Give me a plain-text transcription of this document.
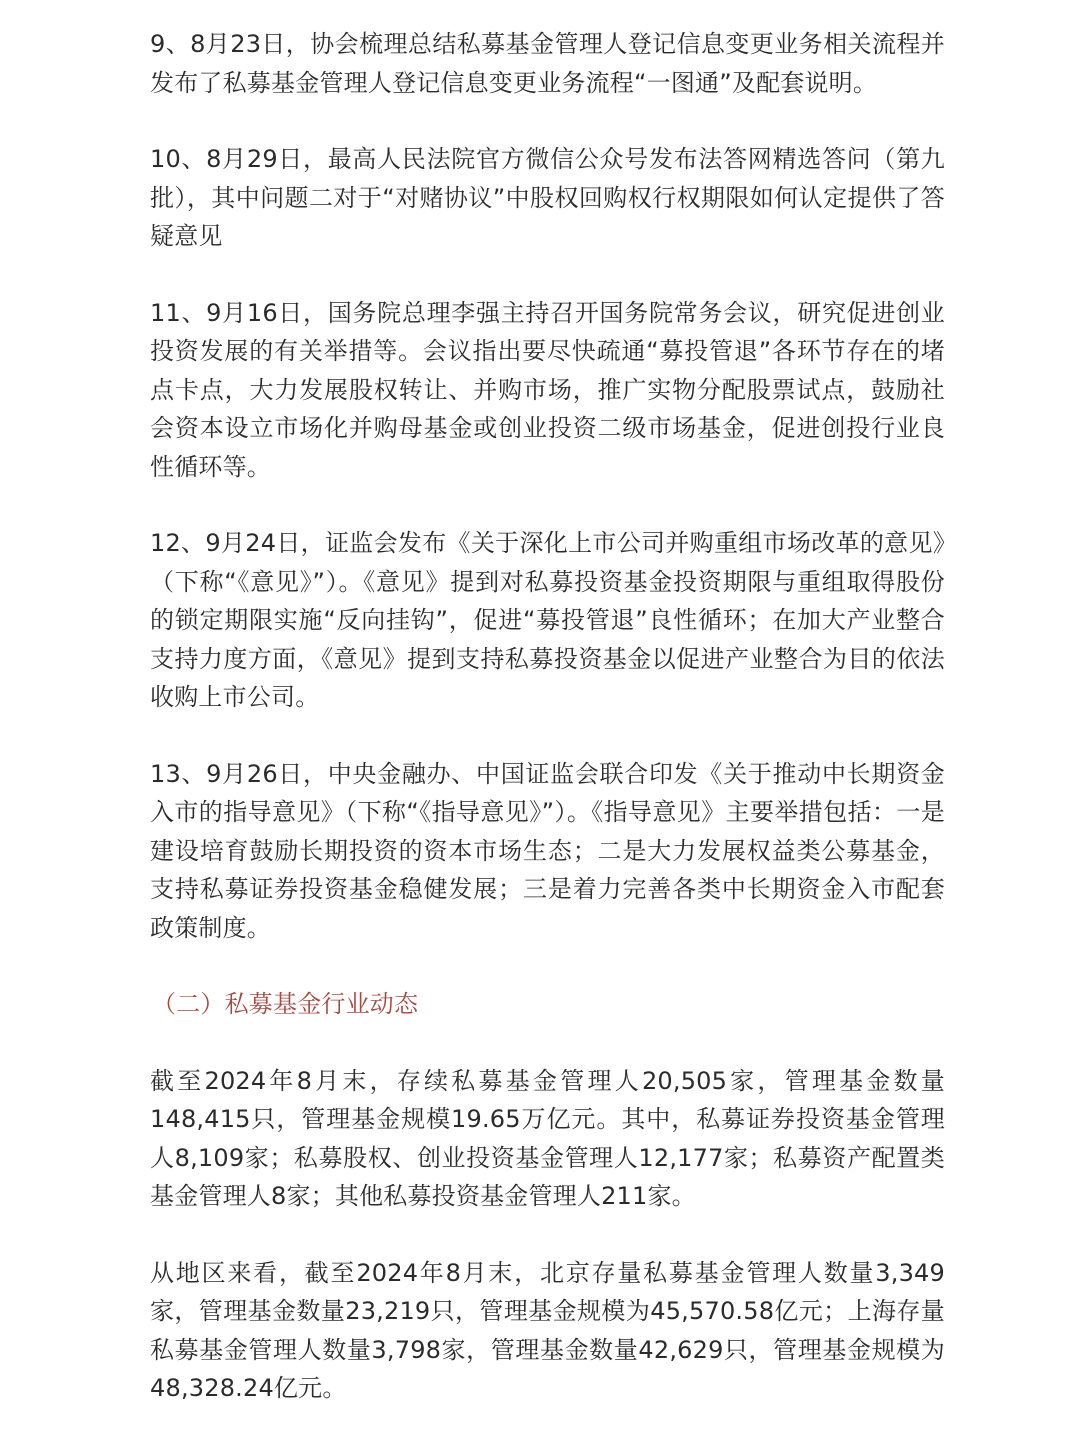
9、8月23日，协会梳理总结私募基金管理人登记信息变更业务相关流程并发布了私募基金管理人登记信息变更业务流程“一图通”及配套说明。

10、8月29日，最高人民法院官方微信公众号发布法答网精选答问（第九批），其中问题二对于“对赌协议”中股权回购权行权期限如何认定提供了答疑意见

11、9月16日，国务院总理李强主持召开国务院常务会议，研究促进创业投资发展的有关举措等。会议指出要尽快疏通“募投管退”各环节存在的堵点卡点，大力发展股权转让、并购市场，推广实物分配股票试点，鼓励社会资本设立市场化并购母基金或创业投资二级市场基金，促进创投行业良性循环等。

12、9月24日，证监会发布《关于深化上市公司并购重组市场改革的意见》（下称“《意见》”）。《意见》提到对私募投资基金投资期限与重组取得股份的锁定期限实施“反向挂钩”，促进“募投管退”良性循环；在加大产业整合支持力度方面，《意见》提到支持私募投资基金以促进产业整合为目的依法收购上市公司。

13、9月26日，中央金融办、中国证监会联合印发《关于推动中长期资金入市的指导意见》（下称“《指导意见》”）。《指导意见》主要举措包括：一是建设培育鼓励长期投资的资本市场生态；二是大力发展权益类公募基金，支持私募证券投资基金稳健发展；三是着力完善各类中长期资金入市配套政策制度。

（二）私募基金行业动态

截至2024年8月末，存续私募基金管理人20,505家，管理基金数量148,415只，管理基金规模19.65万亿元。其中，私募证券投资基金管理人8,109家；私募股权、创业投资基金管理人12,177家；私募资产配置类基金管理人8家；其他私募投资基金管理人211家。

从地区来看，截至2024年8月末，北京存量私募基金管理人数量3,349家，管理基金数量23,219只，管理基金规模为45,570.58亿元；上海存量私募基金管理人数量3,798家，管理基金数量42,629只，管理基金规模为48,328.24亿元。
